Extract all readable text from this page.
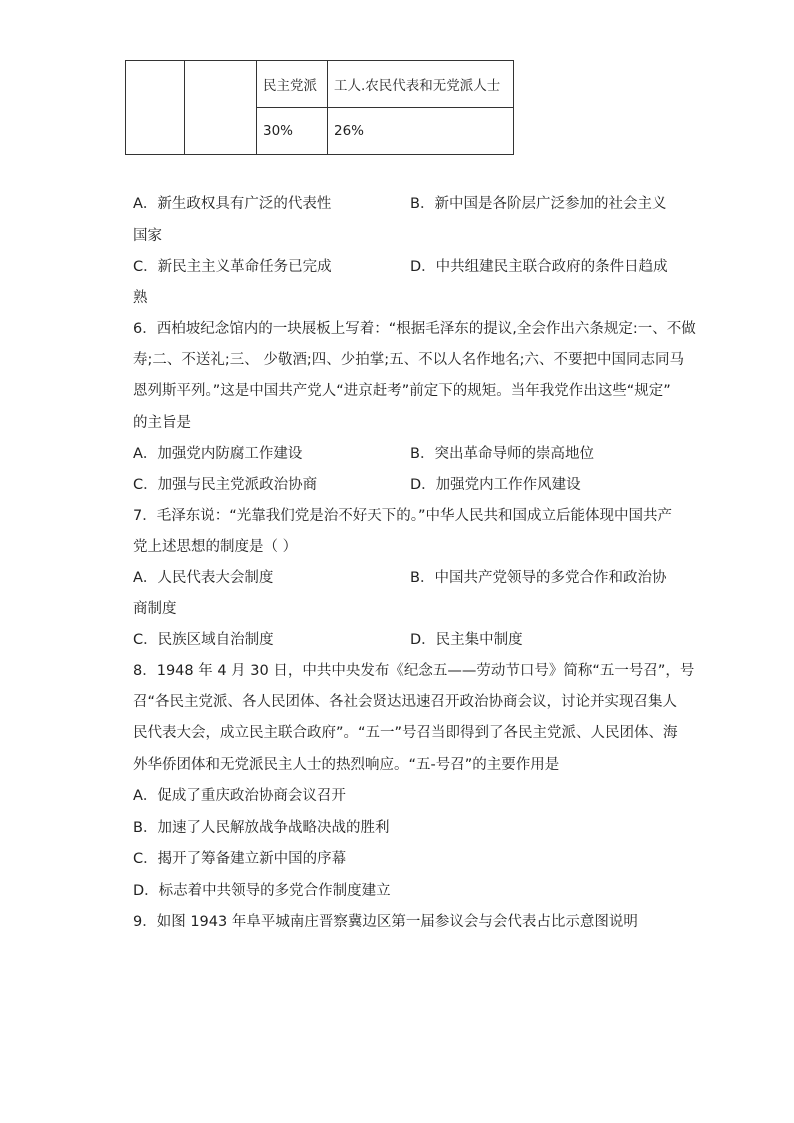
		民主党派	工人.农民代表和无党派人士
		30%	26%
A．新生政权具有广泛的代表性	B．新中国是各阶层广泛参加的社会主义
国家
C．新民主主义革命任务已完成	D．中共组建民主联合政府的条件日趋成
熟
6．西柏坡纪念馆内的一块展板上写着：“根据毛泽东的提议,全会作出六条规定:一、不做
寿;二、不送礼;三、 少敬酒;四、少拍掌;五、不以人名作地名;六、不要把中国同志同马
恩列斯平列。”这是中国共产党人“进京赶考”前定下的规矩。当年我党作出这些“规定”
的主旨是
A．加强党内防腐工作建设	B．突出革命导师的崇高地位
C．加强与民主党派政治协商	D．加强党内工作作风建设
7．毛泽东说：“光靠我们党是治不好天下的。”中华人民共和国成立后能体现中国共产
党上述思想的制度是（ ）
A．人民代表大会制度	B．中国共产党领导的多党合作和政治协
商制度
C．民族区域自治制度	D．民主集中制度
8．1948 年 4 月 30 日，中共中央发布《纪念五——劳动节口号》简称“五一号召”，号
召“各民主党派、各人民团体、各社会贤达迅速召开政治协商会议，讨论并实现召集人
民代表大会，成立民主联合政府”。“五一”号召当即得到了各民主党派、人民团体、海
外华侨团体和无党派民主人士的热烈响应。“五-号召”的主要作用是
A．促成了重庆政治协商会议召开
B．加速了人民解放战争战略决战的胜利
C．揭开了筹备建立新中国的序幕
D．标志着中共领导的多党合作制度建立
9．如图 1943 年阜平城南庄晋察冀边区第一届参议会与会代表占比示意图说明
